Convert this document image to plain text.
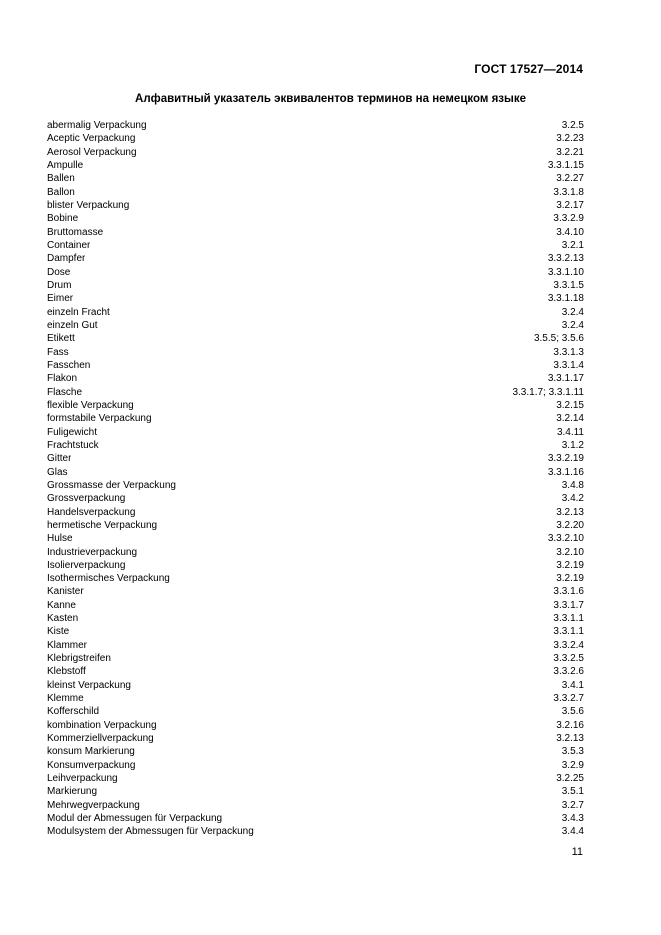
ГОСТ 17527—2014
Алфавитный указатель эквивалентов терминов на немецком языке
abermalig Verpackung	3.2.5
Aceptic Verpackung	3.2.23
Aerosol Verpackung	3.2.21
Ampulle	3.3.1.15
Ballen	3.2.27
Ballon	3.3.1.8
blister Verpackung	3.2.17
Bobine	3.3.2.9
Bruttomasse	3.4.10
Container	3.2.1
Dampfer	3.3.2.13
Dose	3.3.1.10
Drum	3.3.1.5
Eimer	3.3.1.18
einzeln Fracht	3.2.4
einzeln Gut	3.2.4
Etikett	3.5.5; 3.5.6
Fass	3.3.1.3
Fasschen	3.3.1.4
Flakon	3.3.1.17
Flasche	3.3.1.7; 3.3.1.11
flexible Verpackung	3.2.15
formstabile Verpackung	3.2.14
Fuligewicht	3.4.11
Frachtstuck	3.1.2
Gitter	3.3.2.19
Glas	3.3.1.16
Grossmasse der Verpackung	3.4.8
Grossverpackung	3.4.2
Handelsverpackung	3.2.13
hermetische Verpackung	3.2.20
Hulse	3.3.2.10
Industrieverpackung	3.2.10
Isolierverpackung	3.2.19
Isothermisches Verpackung	3.2.19
Kanister	3.3.1.6
Kanne	3.3.1.7
Kasten	3.3.1.1
Kiste	3.3.1.1
Klammer	3.3.2.4
Klebrigstreifen	3.3.2.5
Klebstoff	3.3.2.6
kleinst Verpackung	3.4.1
Klemme	3.3.2.7
Kofferschild	3.5.6
kombination Verpackung	3.2.16
Kommerziellverpackung	3.2.13
konsum Markierung	3.5.3
Konsumverpackung	3.2.9
Leihverpackung	3.2.25
Markierung	3.5.1
Mehrwegverpackung	3.2.7
Modul der Abmessugen für Verpackung	3.4.3
Modulsystem der Abmessugen für Verpackung	3.4.4
11
